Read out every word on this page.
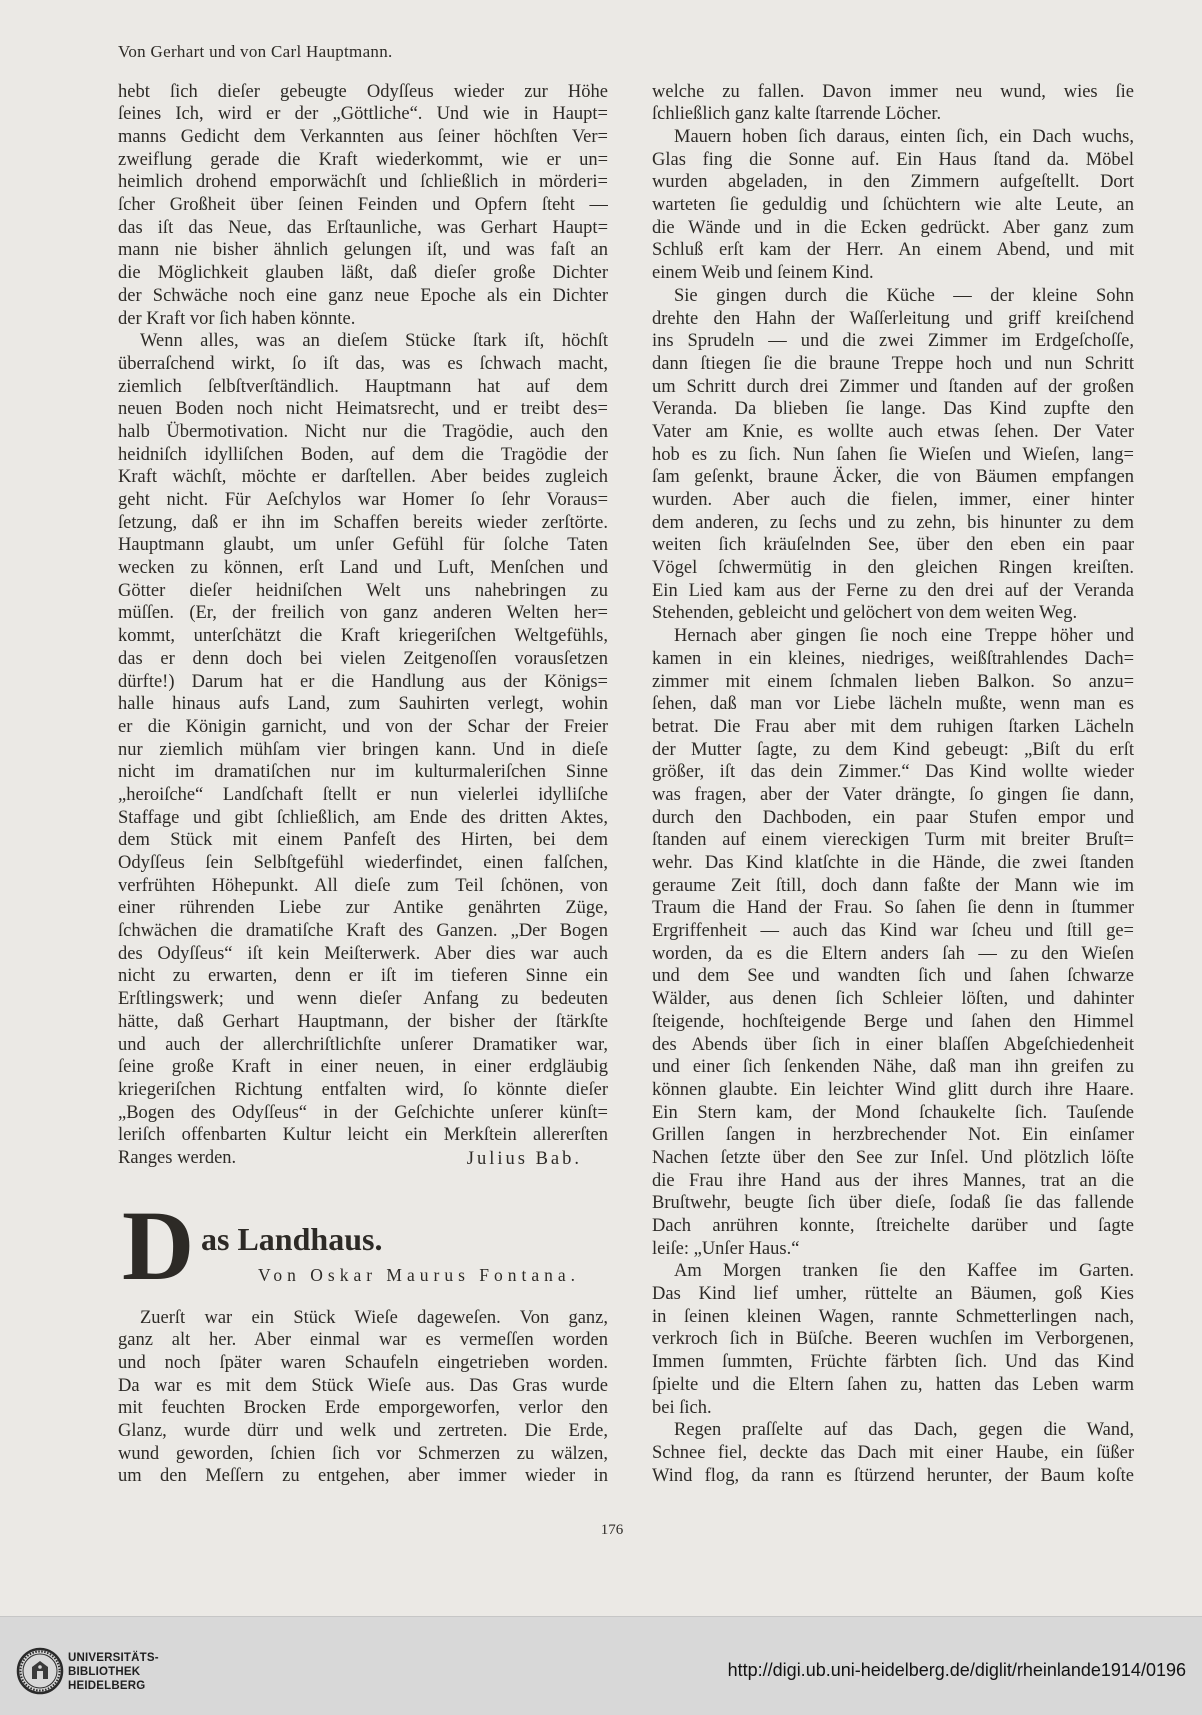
Von Gerhart und von Carl Hauptmann.
hebt ſich dieſer gebeugte Odyſſeus wieder zur Höhe
ſeines Ich, wird er der „Göttliche“. Und wie in Haupt=
manns Gedicht dem Verkannten aus ſeiner höchſten Ver=
zweiflung gerade die Kraft wiederkommt, wie er un=
heimlich drohend emporwächſt und ſchließlich in mörderi=
ſcher Großheit über ſeinen Feinden und Opfern ſteht —
das iſt das Neue, das Erſtaunliche, was Gerhart Haupt=
mann nie bisher ähnlich gelungen iſt, und was faſt an
die Möglichkeit glauben läßt, daß dieſer große Dichter
der Schwäche noch eine ganz neue Epoche als ein Dichter
der Kraft vor ſich haben könnte.
Wenn alles, was an dieſem Stücke ſtark iſt, höchſt
überraſchend wirkt, ſo iſt das, was es ſchwach macht,
ziemlich ſelbſtverſtändlich. Hauptmann hat auf dem
neuen Boden noch nicht Heimatsrecht, und er treibt des=
halb Übermotivation. Nicht nur die Tragödie, auch den
heidniſch idylliſchen Boden, auf dem die Tragödie der
Kraft wächſt, möchte er darſtellen. Aber beides zugleich
geht nicht. Für Aeſchylos war Homer ſo ſehr Voraus=
ſetzung, daß er ihn im Schaffen bereits wieder zerſtörte.
Hauptmann glaubt, um unſer Gefühl für ſolche Taten
wecken zu können, erſt Land und Luft, Menſchen und
Götter dieſer heidniſchen Welt uns nahebringen zu
müſſen. (Er, der freilich von ganz anderen Welten her=
kommt, unterſchätzt die Kraft kriegeriſchen Weltgefühls,
das er denn doch bei vielen Zeitgenoſſen vorausſetzen
dürfte!) Darum hat er die Handlung aus der Königs=
halle hinaus aufs Land, zum Sauhirten verlegt, wohin
er die Königin garnicht, und von der Schar der Freier
nur ziemlich mühſam vier bringen kann. Und in dieſe
nicht im dramatiſchen nur im kulturmaleriſchen Sinne
„heroiſche“ Landſchaft ſtellt er nun vielerlei idylliſche
Staffage und gibt ſchließlich, am Ende des dritten Aktes,
dem Stück mit einem Panfeſt des Hirten, bei dem
Odyſſeus ſein Selbſtgefühl wiederfindet, einen falſchen,
verfrühten Höhepunkt. All dieſe zum Teil ſchönen, von
einer rührenden Liebe zur Antike genährten Züge,
ſchwächen die dramatiſche Kraft des Ganzen. „Der Bogen
des Odyſſeus“ iſt kein Meiſterwerk. Aber dies war auch
nicht zu erwarten, denn er iſt im tieferen Sinne ein
Erſtlingswerk; und wenn dieſer Anfang zu bedeuten
hätte, daß Gerhart Hauptmann, der bisher der ſtärkſte
und auch der allerchriſtlichſte unſerer Dramatiker war,
ſeine große Kraft in einer neuen, in einer erdgläubig
kriegeriſchen Richtung entfalten wird, ſo könnte dieſer
„Bogen des Odyſſeus“ in der Geſchichte unſerer künſt=
leriſch offenbarten Kultur leicht ein Merkſtein allererſten
Ranges werden.	Julius Bab.
D as Landhaus.
Von Oskar Maurus Fontana.
Zuerſt war ein Stück Wieſe dageweſen. Von ganz,
ganz alt her. Aber einmal war es vermeſſen worden
und noch ſpäter waren Schaufeln eingetrieben worden.
Da war es mit dem Stück Wieſe aus. Das Gras wurde
mit feuchten Brocken Erde emporgeworfen, verlor den
Glanz, wurde dürr und welk und zertreten. Die Erde,
wund geworden, ſchien ſich vor Schmerzen zu wälzen,
um den Meſſern zu entgehen, aber immer wieder in
welche zu fallen. Davon immer neu wund, wies ſie
ſchließlich ganz kalte ſtarrende Löcher.
Mauern hoben ſich daraus, einten ſich, ein Dach wuchs,
Glas fing die Sonne auf. Ein Haus ſtand da. Möbel
wurden abgeladen, in den Zimmern aufgeſtellt. Dort
warteten ſie geduldig und ſchüchtern wie alte Leute, an
die Wände und in die Ecken gedrückt. Aber ganz zum
Schluß erſt kam der Herr. An einem Abend, und mit
einem Weib und ſeinem Kind.
Sie gingen durch die Küche — der kleine Sohn
drehte den Hahn der Waſſerleitung und griff kreiſchend
ins Sprudeln — und die zwei Zimmer im Erdgeſchoſſe,
dann ſtiegen ſie die braune Treppe hoch und nun Schritt
um Schritt durch drei Zimmer und ſtanden auf der großen
Veranda. Da blieben ſie lange. Das Kind zupfte den
Vater am Knie, es wollte auch etwas ſehen. Der Vater
hob es zu ſich. Nun ſahen ſie Wieſen und Wieſen, lang=
ſam geſenkt, braune Äcker, die von Bäumen empfangen
wurden. Aber auch die fielen, immer, einer hinter
dem anderen, zu ſechs und zu zehn, bis hinunter zu dem
weiten ſich kräuſelnden See, über den eben ein paar
Vögel ſchwermütig in den gleichen Ringen kreiſten.
Ein Lied kam aus der Ferne zu den drei auf der Veranda
Stehenden, gebleicht und gelöchert von dem weiten Weg.
Hernach aber gingen ſie noch eine Treppe höher und
kamen in ein kleines, niedriges, weißſtrahlendes Dach=
zimmer mit einem ſchmalen lieben Balkon. So anzu=
ſehen, daß man vor Liebe lächeln mußte, wenn man es
betrat. Die Frau aber mit dem ruhigen ſtarken Lächeln
der Mutter ſagte, zu dem Kind gebeugt: „Biſt du erſt
größer, iſt das dein Zimmer.“ Das Kind wollte wieder
was fragen, aber der Vater drängte, ſo gingen ſie dann,
durch den Dachboden, ein paar Stufen empor und
ſtanden auf einem viereckigen Turm mit breiter Bruſt=
wehr. Das Kind klatſchte in die Hände, die zwei ſtanden
geraume Zeit ſtill, doch dann faßte der Mann wie im
Traum die Hand der Frau. So ſahen ſie denn in ſtummer
Ergriffenheit — auch das Kind war ſcheu und ſtill ge=
worden, da es die Eltern anders ſah — zu den Wieſen
und dem See und wandten ſich und ſahen ſchwarze
Wälder, aus denen ſich Schleier löſten, und dahinter
ſteigende, hochſteigende Berge und ſahen den Himmel
des Abends über ſich in einer blaſſen Abgeſchiedenheit
und einer ſich ſenkenden Nähe, daß man ihn greifen zu
können glaubte. Ein leichter Wind glitt durch ihre Haare.
Ein Stern kam, der Mond ſchaukelte ſich. Tauſende
Grillen ſangen in herzbrechender Not. Ein einſamer
Nachen ſetzte über den See zur Inſel. Und plötzlich löſte
die Frau ihre Hand aus der ihres Mannes, trat an die
Bruſtwehr, beugte ſich über dieſe, ſodaß ſie das fallende
Dach anrühren konnte, ſtreichelte darüber und ſagte
leiſe: „Unſer Haus.“
Am Morgen tranken ſie den Kaffee im Garten.
Das Kind lief umher, rüttelte an Bäumen, goß Kies
in ſeinen kleinen Wagen, rannte Schmetterlingen nach,
verkroch ſich in Büſche. Beeren wuchſen im Verborgenen,
Immen ſummten, Früchte färbten ſich. Und das Kind
ſpielte und die Eltern ſahen zu, hatten das Leben warm
bei ſich.
Regen praſſelte auf das Dach, gegen die Wand,
Schnee fiel, deckte das Dach mit einer Haube, ein ſüßer
Wind flog, da rann es ſtürzend herunter, der Baum koſte
176
UNIVERSITÄTS-
BIBLIOTHEK
HEIDELBERG
http://digi.ub.uni-heidelberg.de/diglit/rheinlande1914/0196
